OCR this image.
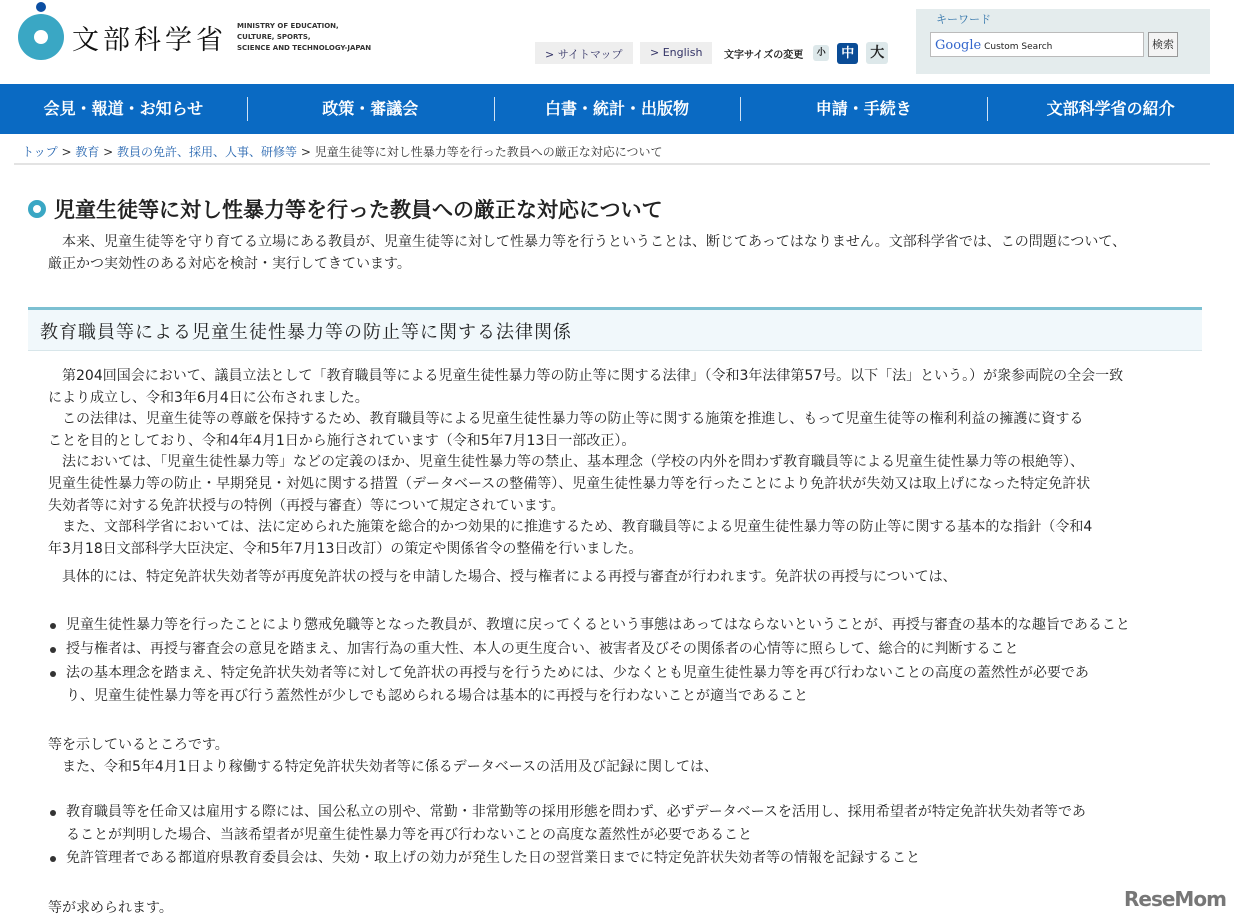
文部科学省 MINISTRY OF EDUCATION,
CULTURE, SPORTS,
SCIENCE AND TECHNOLOGY-JAPAN
> サイトマップ	> English	文字サイズの変更	小	中 大
キーワード
Google Custom Search	検索
会見・報道・お知らせ	政策・審議会	白書・統計・出版物	申請・手続き	文部科学省の紹介
トップ > 教育 > 教員の免許、採用、人事、研修等 > 児童生徒等に対し性暴力等を行った教員への厳正な対応について
児童生徒等に対し性暴力等を行った教員への厳正な対応について
　本来、児童生徒等を守り育てる立場にある教員が、児童生徒等に対して性暴力等を行うということは、断じてあってはなりません。文部科学省では、この問題について、
厳正かつ実効性のある対応を検討・実行してきています。
教育職員等による児童生徒性暴力等の防止等に関する法律関係
　第204回国会において、議員立法として「教育職員等による児童生徒性暴力等の防止等に関する法律」（令和3年法律第57号。以下「法」という。）が衆参両院の全会一致
により成立し、令和3年6月4日に公布されました。
　この法律は、児童生徒等の尊厳を保持するため、教育職員等による児童生徒性暴力等の防止等に関する施策を推進し、もって児童生徒等の権利利益の擁護に資する
ことを目的としており、令和4年4月1日から施行されています（令和5年7月13日一部改正）。
　法においては、「児童生徒性暴力等」などの定義のほか、児童生徒性暴力等の禁止、基本理念（学校の内外を問わず教育職員等による児童生徒性暴力等の根絶等）、
児童生徒性暴力等の防止・早期発見・対処に関する措置（データベースの整備等）、児童生徒性暴力等を行ったことにより免許状が失効又は取上げになった特定免許状
失効者等に対する免許状授与の特例（再授与審査）等について規定されています。
　また、文部科学省においては、法に定められた施策を総合的かつ効果的に推進するため、教育職員等による児童生徒性暴力等の防止等に関する基本的な指針（令和4
年3月18日文部科学大臣決定、令和5年7月13日改訂）の策定や関係省令の整備を行いました。
　具体的には、特定免許状失効者等が再度免許状の授与を申請した場合、授与権者による再授与審査が行われます。免許状の再授与については、
児童生徒性暴力等を行ったことにより懲戒免職等となった教員が、教壇に戻ってくるという事態はあってはならないということが、再授与審査の基本的な趣旨であること
授与権者は、再授与審査会の意見を踏まえ、加害行為の重大性、本人の更生度合い、被害者及びその関係者の心情等に照らして、総合的に判断すること
法の基本理念を踏まえ、特定免許状失効者等に対して免許状の再授与を行うためには、少なくとも児童生徒性暴力等を再び行わないことの高度の蓋然性が必要であ
り、児童生徒性暴力等を再び行う蓋然性が少しでも認められる場合は基本的に再授与を行わないことが適当であること
等を示しているところです。
　また、令和5年4月1日より稼働する特定免許状失効者等に係るデータベースの活用及び記録に関しては、
教育職員等を任命又は雇用する際には、国公私立の別や、常勤・非常勤等の採用形態を問わず、必ずデータベースを活用し、採用希望者が特定免許状失効者等であ
ることが判明した場合、当該希望者が児童生徒性暴力等を再び行わないことの高度な蓋然性が必要であること
免許管理者である都道府県教育委員会は、失効・取上げの効力が発生した日の翌営業日までに特定免許状失効者等の情報を記録すること
等が求められます。	ReseMom
